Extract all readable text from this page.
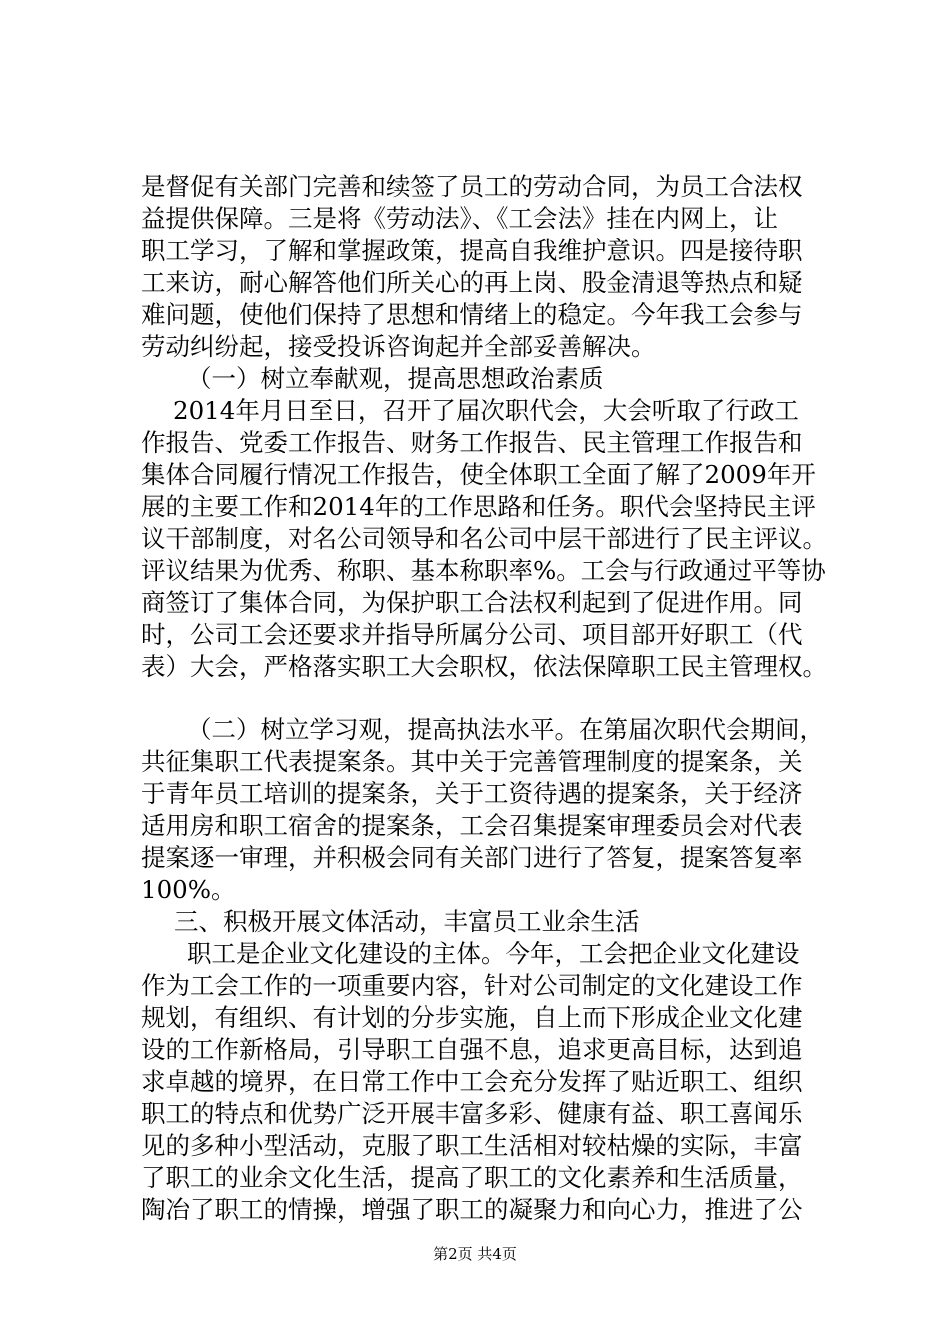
是督促有关部门完善和续签了员工的劳动合同，为员工合法权
益提供保障。三是将《劳动法》、《工会法》挂在内网上，让
职工学习，了解和掌握政策，提高自我维护意识。四是接待职
工来访，耐心解答他们所关心的再上岗、股金清退等热点和疑
难问题，使他们保持了思想和情绪上的稳定。今年我工会参与
劳动纠纷起，接受投诉咨询起并全部妥善解决。
（一）树立奉献观，提高思想政治素质
2014年月日至日，召开了届次职代会，大会听取了行政工
作报告、党委工作报告、财务工作报告、民主管理工作报告和
集体合同履行情况工作报告，使全体职工全面了解了2009年开
展的主要工作和2014年的工作思路和任务。职代会坚持民主评
议干部制度，对名公司领导和名公司中层干部进行了民主评议。
评议结果为优秀、称职、基本称职率%。工会与行政通过平等协
商签订了集体合同，为保护职工合法权利起到了促进作用。同
时，公司工会还要求并指导所属分公司、项目部开好职工（代
表）大会，严格落实职工大会职权，依法保障职工民主管理权。
（二）树立学习观，提高执法水平。在第届次职代会期间，
共征集职工代表提案条。其中关于完善管理制度的提案条，关
于青年员工培训的提案条，关于工资待遇的提案条，关于经济
适用房和职工宿舍的提案条，工会召集提案审理委员会对代表
提案逐一审理，并积极会同有关部门进行了答复，提案答复率
100%。
三、积极开展文体活动，丰富员工业余生活
职工是企业文化建设的主体。今年，工会把企业文化建设
作为工会工作的一项重要内容，针对公司制定的文化建设工作
规划，有组织、有计划的分步实施，自上而下形成企业文化建
设的工作新格局，引导职工自强不息，追求更高目标，达到追
求卓越的境界，在日常工作中工会充分发挥了贴近职工、组织
职工的特点和优势广泛开展丰富多彩、健康有益、职工喜闻乐
见的多种小型活动，克服了职工生活相对较枯燥的实际，丰富
了职工的业余文化生活，提高了职工的文化素养和生活质量，
陶冶了职工的情操，增强了职工的凝聚力和向心力，推进了公
第2页 共4页
